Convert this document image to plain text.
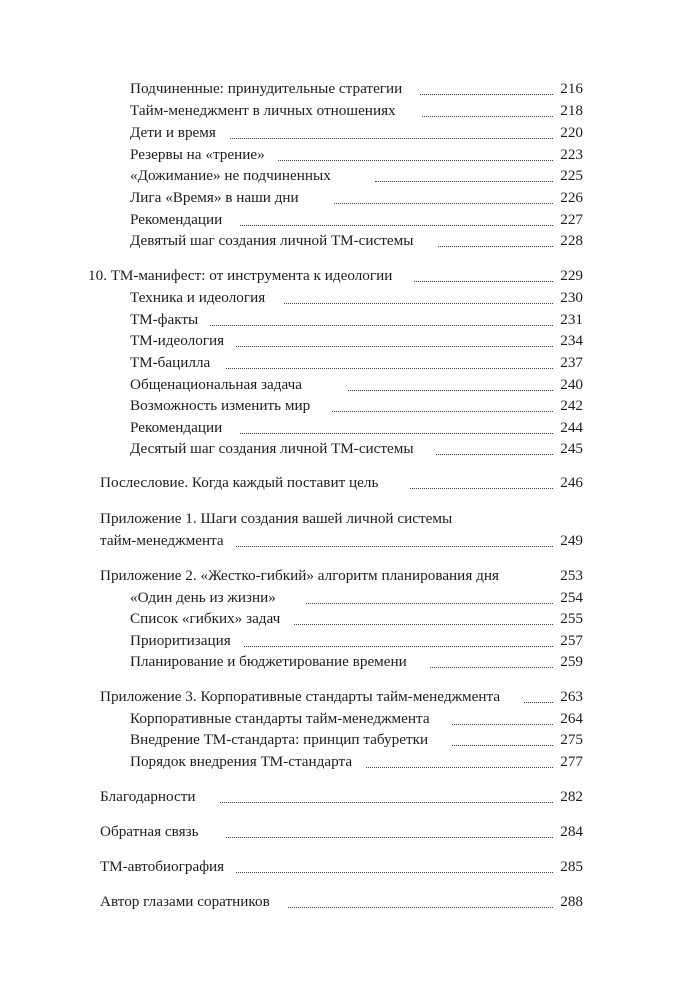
Подчиненные: принудительные стратегии	216
Тайм-менеджмент в личных отношениях	218
Дети и время	220
Резервы на «трение»	223
«Дожимание» не подчиненных	225
Лига «Время» в наши дни	226
Рекомендации	227
Девятый шаг создания личной ТМ-системы	228
10. ТМ-манифест: от инструмента к идеологии	229
Техника и идеология	230
ТМ-факты	231
ТМ-идеология	234
ТМ-бацилла	237
Общенациональная задача	240
Возможность изменить мир	242
Рекомендации	244
Десятый шаг создания личной ТМ-системы	245
Послесловие. Когда каждый поставит цель	246
Приложение 1. Шаги создания вашей личной системы
тайм-менеджмента	249
Приложение 2. «Жестко-гибкий» алгоритм планирования дня	253
«Один день из жизни»	254
Список «гибких» задач	255
Приоритизация	257
Планирование и бюджетирование времени	259
Приложение 3. Корпоративные стандарты тайм-менеджмента	263
Корпоративные стандарты тайм-менеджмента	264
Внедрение ТМ-стандарта: принцип табуретки	275
Порядок внедрения ТМ-стандарта	277
Благодарности	282
Обратная связь	284
ТМ-автобиография	285
Автор глазами соратников	288
